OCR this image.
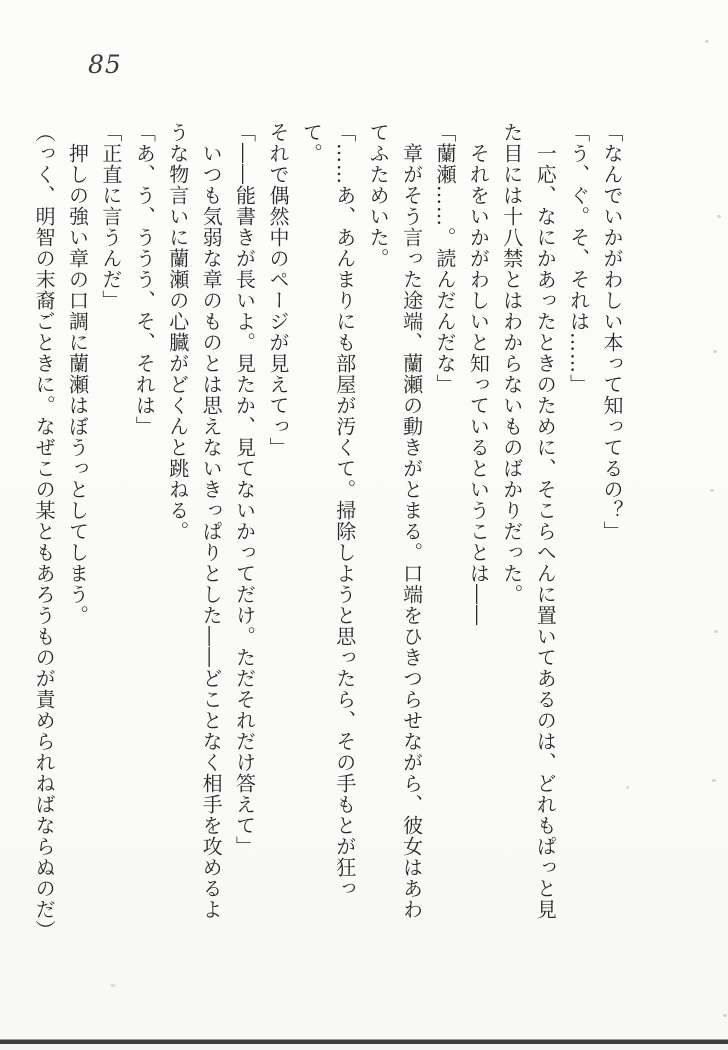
85
「なんでいかがわしい本って知ってるの？」
「う、ぐ。そ、それは……」
一応、なにかあったときのために、そこらへんに置いてあるのは、どれもぱっと見
た目には十八禁とはわからないものばかりだった。
それをいかがわしいと知っているということは――
「蘭瀬……。読んだんだな」
章がそう言った途端、蘭瀬の動きがとまる。口端をひきつらせながら、彼女はあわ
てふためいた。
「……あ、あんまりにも部屋が汚くて。掃除しようと思ったら、その手もとが狂って。
それで偶然中のページが見えてっ」
「――能書きが長いよ。見たか、見てないかってだけ。ただそれだけ答えて」
いつも気弱な章のものとは思えないきっぱりとした――どことなく相手を攻めるよ
うな物言いに蘭瀬の心臓がどくんと跳ねる。
「あ、う、ううう、そ、それは」
「正直に言うんだ」
押しの強い章の口調に蘭瀬はぼうっとしてしまう。
（っく、明智の末裔ごときに。なぜこの某ともあろうものが責められねばならぬのだ）
